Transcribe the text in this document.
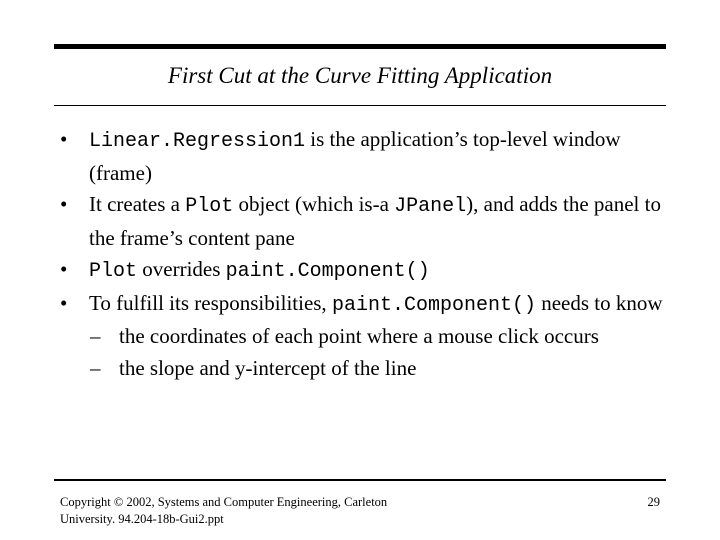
First Cut at the Curve Fitting Application
• Linear.Regression1 is the application’s top-level window (frame)
• It creates a Plot object (which is-a JPanel), and adds the panel to the frame’s content pane
• Plot overrides paint.Component()
• To fulfill its responsibilities, paint.Component() needs to know
– the coordinates of each point where a mouse click occurs
– the slope and y-intercept of the line
Copyright © 2002, Systems and Computer Engineering, Carleton University. 94.204-18b-Gui2.ppt
29
